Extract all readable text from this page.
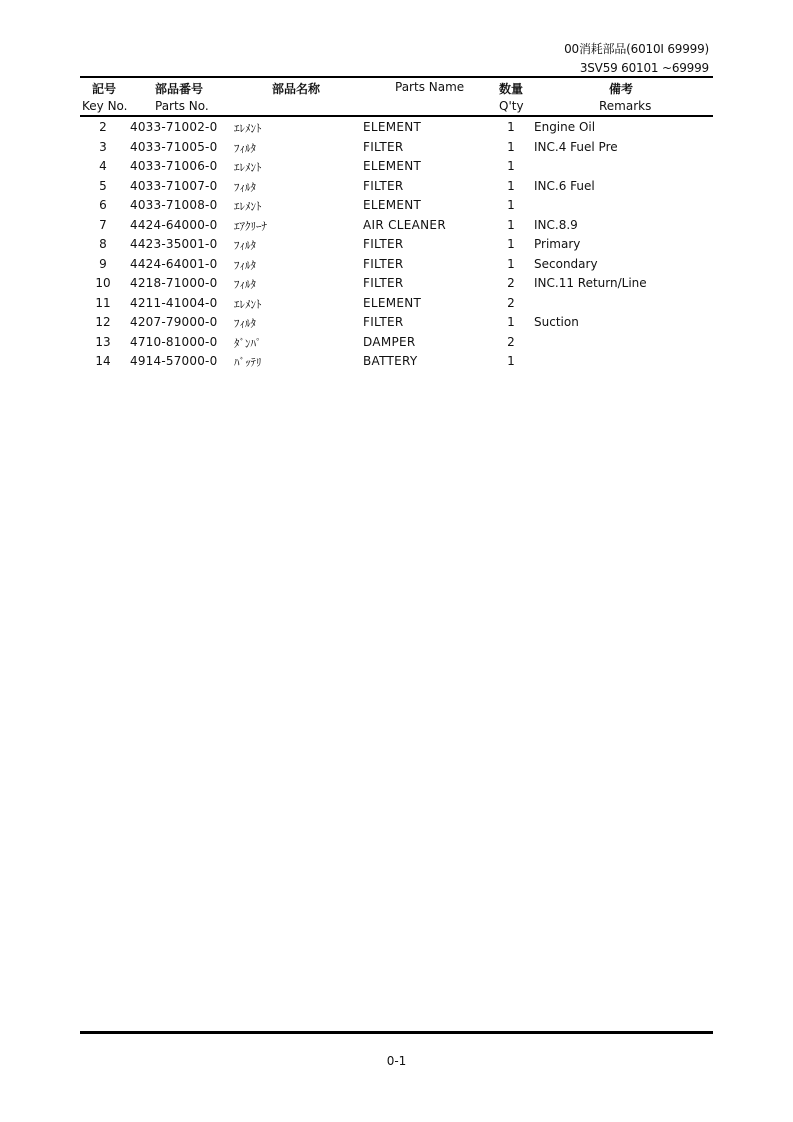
00消耗部品(6010Ι 69999)
3SV59 60101 ~69999
記号	部品番号	部品名称	Parts Name	数量	備考
Key No. Parts No.	Q'ty	Remarks
2	4033-71002-0 ｴﾚﾒﾝﾄ	ELEMENT	1	Engine Oil
3	4033-71005-0 ﾌｨﾙﾀ	FILTER	1	INC.4 Fuel Pre
4	4033-71006-0 ｴﾚﾒﾝﾄ	ELEMENT	1
5	4033-71007-0 ﾌｨﾙﾀ	FILTER	1	INC.6 Fuel
6	4033-71008-0 ｴﾚﾒﾝﾄ	ELEMENT	1
7	4424-64000-0 ｴｱｸﾘｰﾅ	AIR CLEANER	1	INC.8.9
8	4423-35001-0 ﾌｨﾙﾀ	FILTER	1	Primary
9	4424-64001-0 ﾌｨﾙﾀ	FILTER	1	Secondary
10	4218-71000-0 ﾌｨﾙﾀ	FILTER	2	INC.11 Return/Line
11	4211-41004-0 ｴﾚﾒﾝﾄ	ELEMENT	2
12	4207-79000-0 ﾌｨﾙﾀ	FILTER	1	Suction
13	4710-81000-0 ﾀﾞﾝﾊﾟ	DAMPER	2
14	4914-57000-0 ﾊﾞｯﾃﾘ	BATTERY	1
0-1
